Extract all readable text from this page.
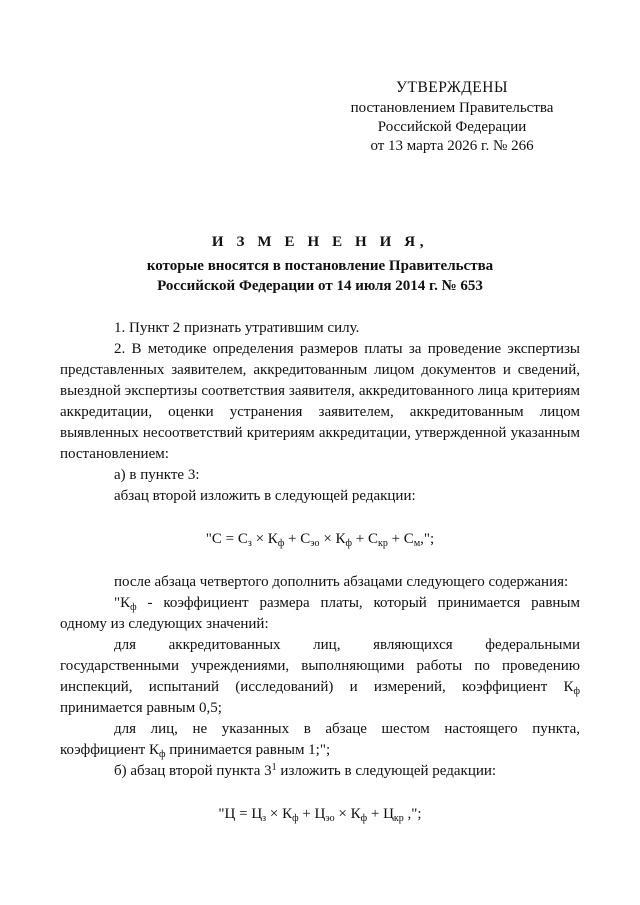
УТВЕРЖДЕНЫ
постановлением Правительства
Российской Федерации
от 13 марта 2026 г. № 266
И З М Е Н Е Н И Я,
которые вносятся в постановление Правительства
Российской Федерации от 14 июля 2014 г. № 653

1. Пункт 2 признать утратившим силу.

2. В методике определения размеров платы за проведение экспертизы представленных заявителем, аккредитованным лицом документов и сведений, выездной экспертизы соответствия заявителя, аккредитованного лица критериям аккредитации, оценки устранения заявителем, аккредитованным лицом выявленных несоответствий критериям аккредитации, утвержденной указанным постановлением:

а) в пункте 3:

абзац второй изложить в следующей редакции:

"$С = С_з \times К_ф + С_{эо} \times К_ф + С_{кр} + С_м$,";

после абзаца четвертого дополнить абзацами следующего содержания:

"$К_ф$ - коэффициент размера платы, который принимается равным одному из следующих значений:

для аккредитованных лиц, являющихся федеральными государственными учреждениями, выполняющими работы по проведению инспекций, испытаний (исследований) и измерений, коэффициент $К_ф$ принимается равным 0,5;

для лиц, не указанных в абзаце шестом настоящего пункта, коэффициент $К_ф$ принимается равным 1;";

б) абзац второй пункта $3^1$ изложить в следующей редакции:

"$Ц = Ц_з \times К_ф + Ц_{эо} \times К_ф + Ц_{кр}$ ,";
